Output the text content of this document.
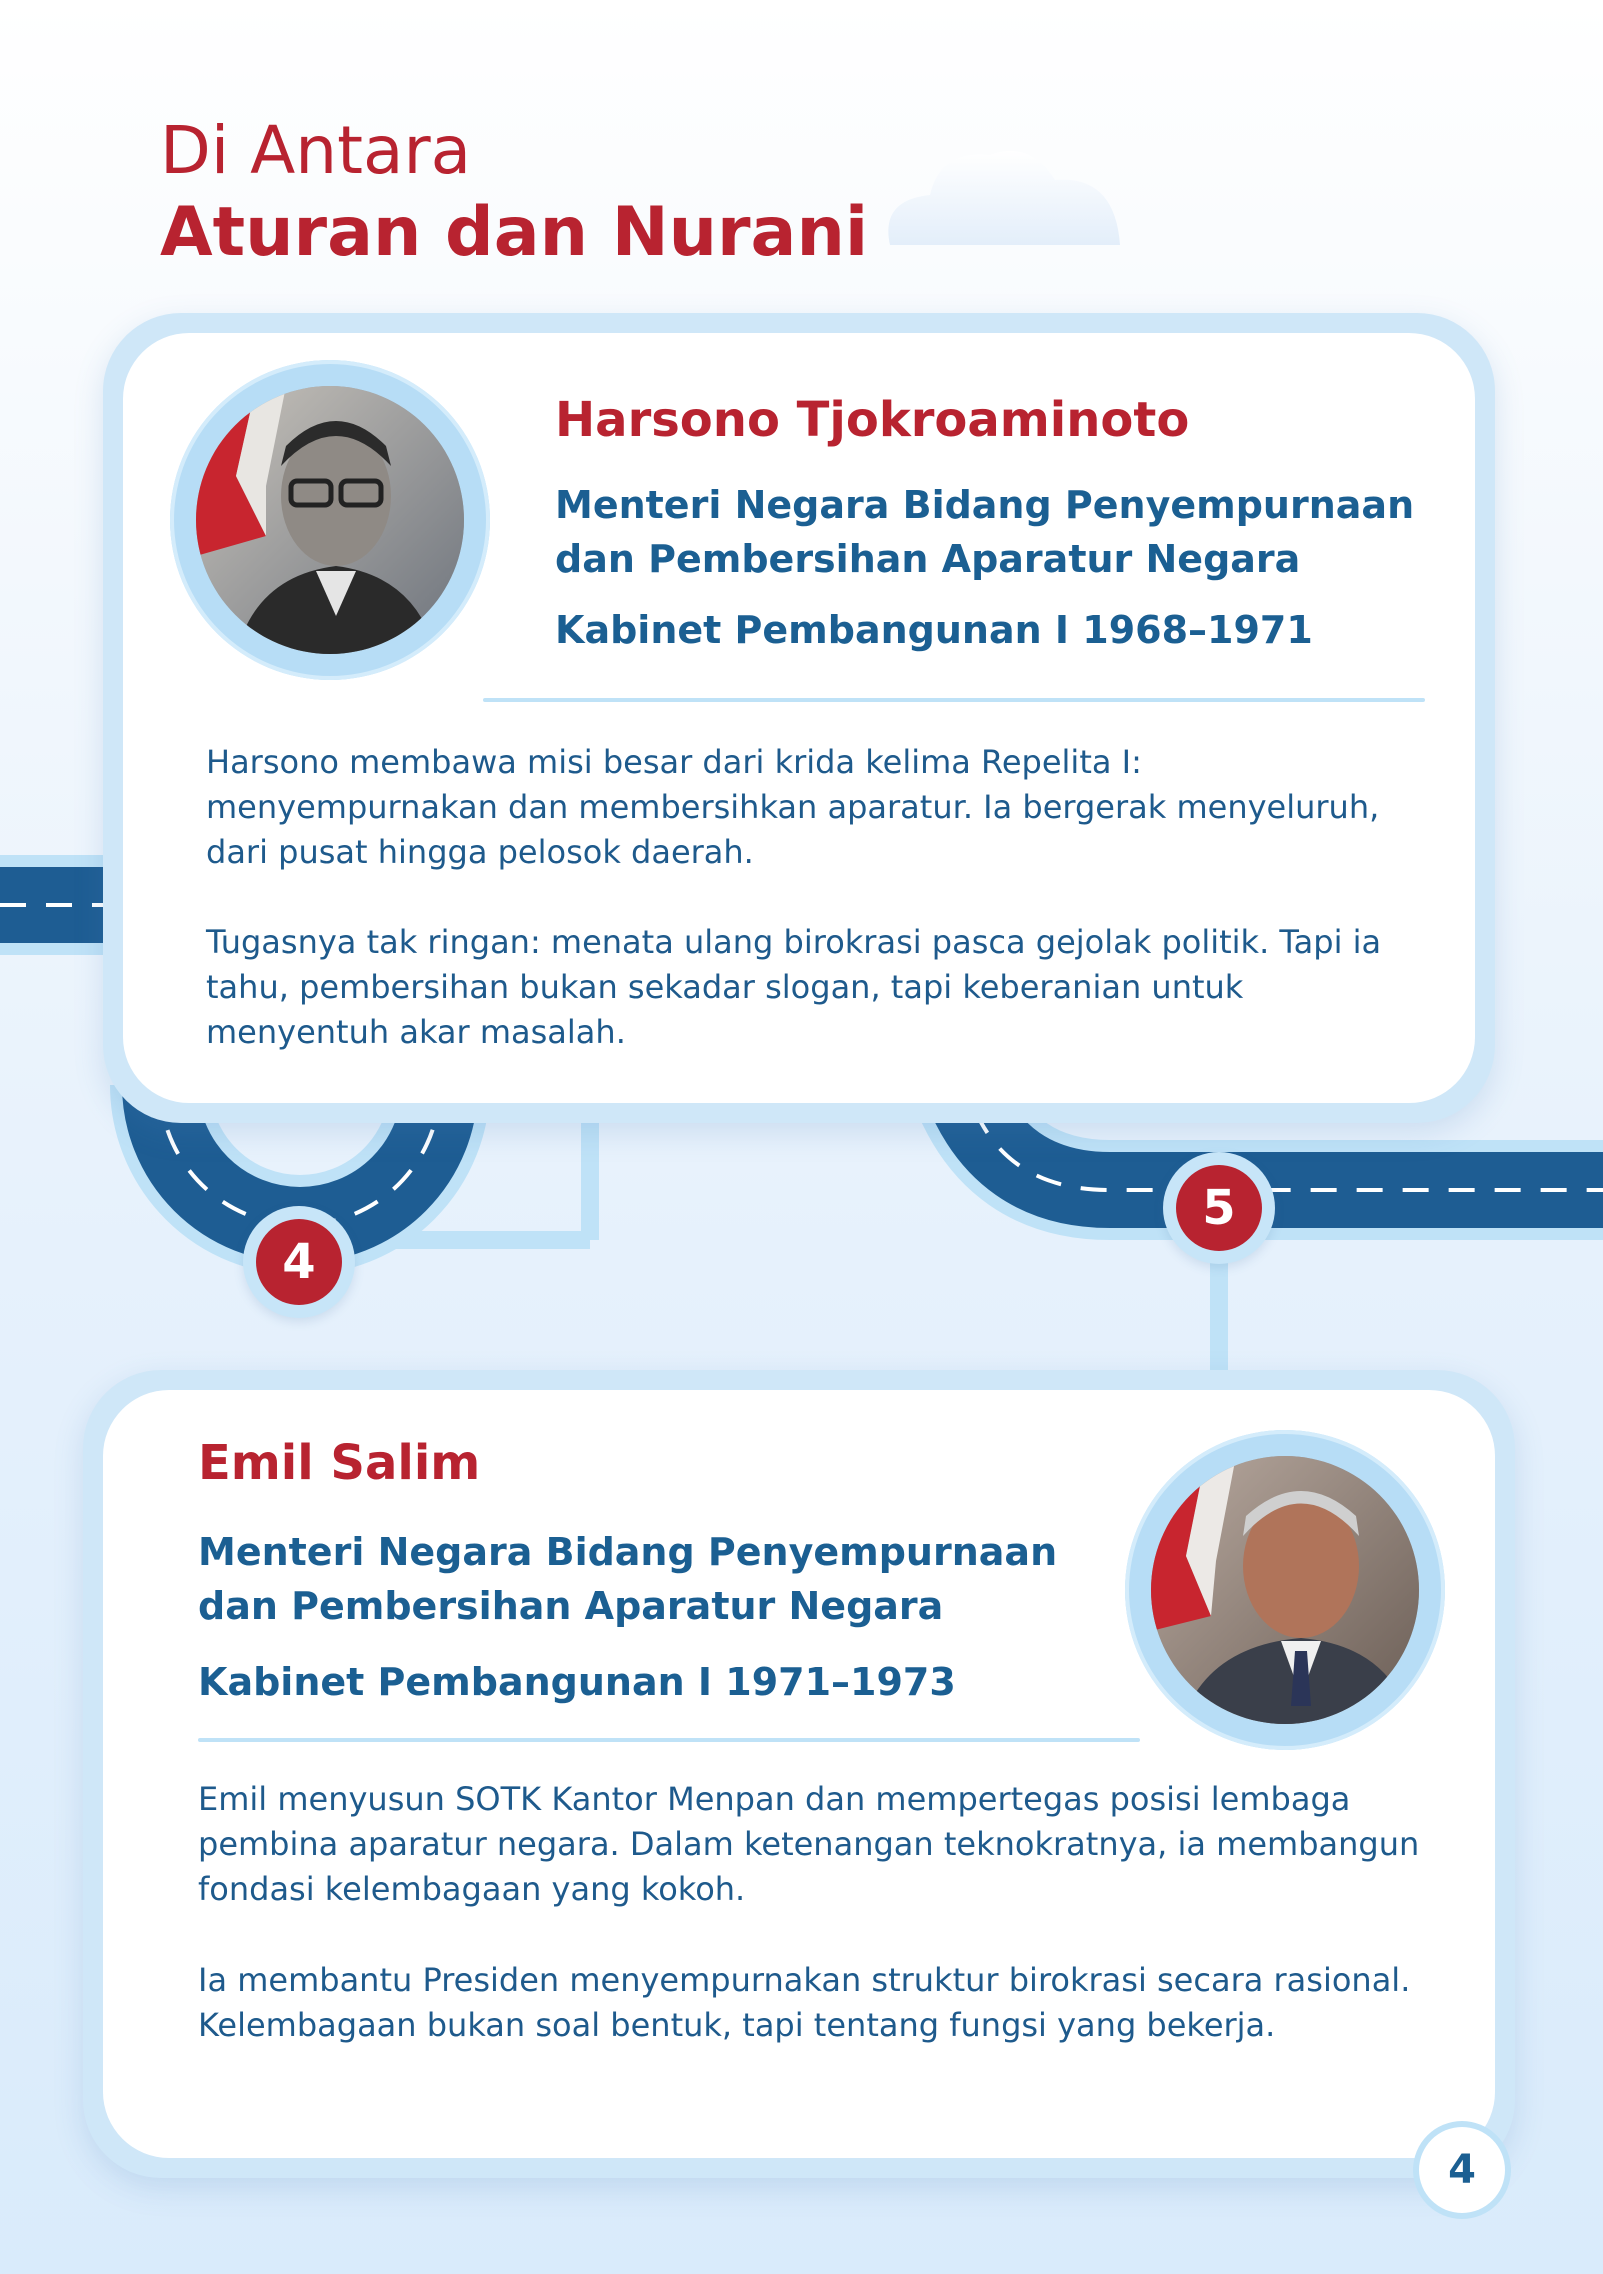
Di Antara
Aturan dan Nurani
Harsono Tjokroaminoto

Menteri Negara Bidang Penyempurnaan dan Pembersihan Aparatur Negara

Kabinet Pembangunan I 1968–1971

Harsono membawa misi besar dari krida kelima Repelita I: menyempurnakan dan membersihkan aparatur. Ia bergerak menyeluruh, dari pusat hingga pelosok daerah.

Tugasnya tak ringan: menata ulang birokrasi pasca gejolak politik. Tapi ia tahu, pembersihan bukan sekadar slogan, tapi keberanian untuk menyentuh akar masalah.

4
5
Emil Salim

Menteri Negara Bidang Penyempurnaan dan Pembersihan Aparatur Negara

Kabinet Pembangunan I 1971–1973

Emil menyusun SOTK Kantor Menpan dan mempertegas posisi lembaga pembina aparatur negara. Dalam ketenangan teknokratnya, ia membangun fondasi kelembagaan yang kokoh.

Ia membantu Presiden menyempurnakan struktur birokrasi secara rasional. Kelembagaan bukan soal bentuk, tapi tentang fungsi yang bekerja.

4
